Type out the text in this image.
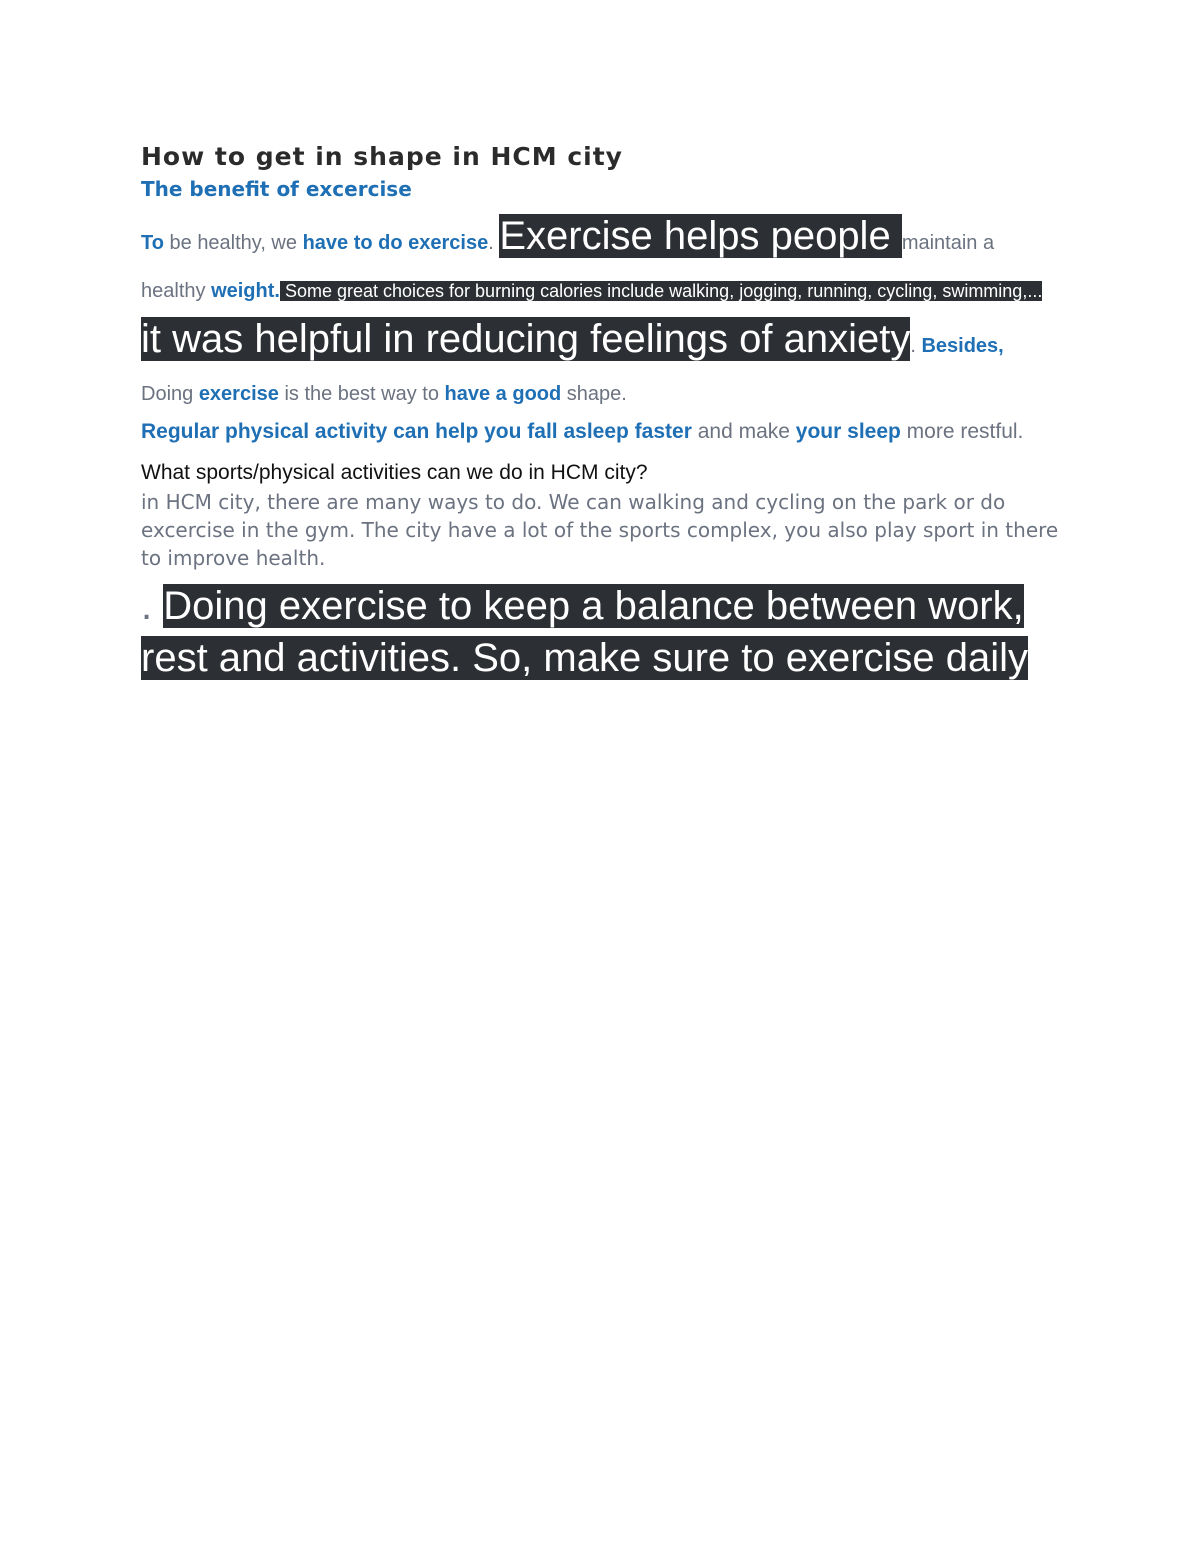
How to get in shape in HCM city
The benefit of excercise

To be healthy, we have to do exercise. Exercise helps people maintain a healthy weight. Some great choices for burning calories include walking, jogging, running, cycling, swimming,... it was helpful in reducing feelings of anxiety. Besides, Doing exercise is the best way to have a good shape.

Regular physical activity can help you fall asleep faster and make your sleep more restful.

What sports/physical activities can we do in HCM city?

in HCM city, there are many ways to do. We can walking and cycling on the park or do excercise in the gym. The city have a lot of the sports complex, you also play sport in there to improve health.

. Doing exercise to keep a balance between work, rest and activities. So, make sure to exercise daily
